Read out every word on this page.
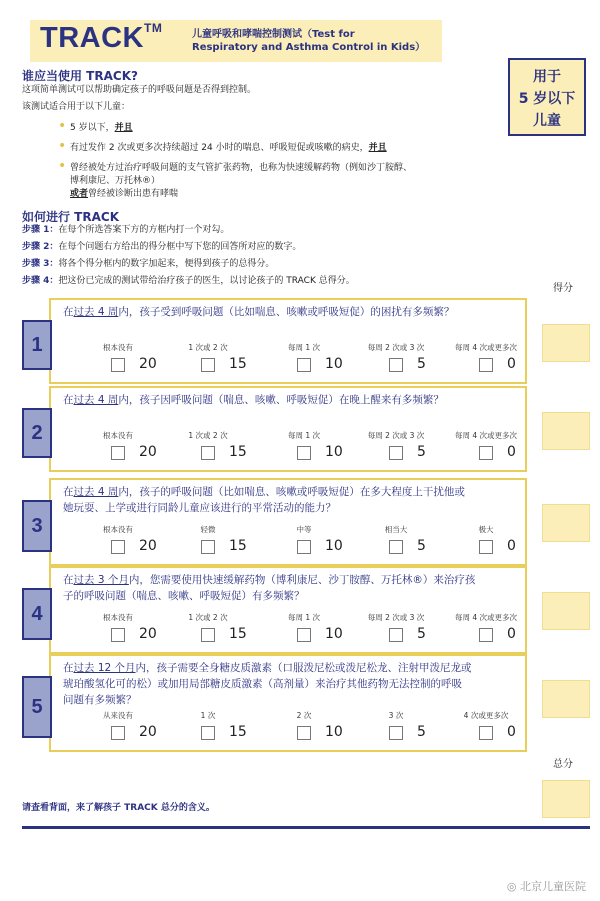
TRACK™	儿童呼吸和哮喘控制测试（Test for
Respiratory and Asthma Control in Kids）
用于
5 岁以下
儿童
谁应当使用 TRACK?
这项简单测试可以帮助确定孩子的呼吸问题是否得到控制。
该测试适合用于以下儿童：
• 5 岁以下，并且
• 有过发作 2 次或更多次持续超过 24 小时的喘息、呼吸短促或咳嗽的病史，并且
• 曾经被处方过治疗呼吸问题的支气管扩张药物，也称为快速缓解药物（例如沙丁胺醇、
博利康尼、万托林®）
或者曾经被诊断出患有哮喘
如何进行 TRACK
步骤 1：在每个所选答案下方的方框内打一个对勾。
步骤 2：在每个问题右方给出的得分框中写下您的回答所对应的数字。
步骤 3：将各个得分框内的数字加起来，便得到孩子的总得分。
步骤 4：把这份已完成的测试带给治疗孩子的医生，以讨论孩子的 TRACK 总得分。
得分
在过去 4 周内，孩子受到呼吸问题（比如喘息、咳嗽或呼吸短促）的困扰有多频繁？
根本没有
20
1 次或 2 次
15
每周 1 次
10
每周 2 次或 3 次
5
每周 4 次或更多次
0
1
在过去 4 周内，孩子因呼吸问题（喘息、咳嗽、呼吸短促）在晚上醒来有多频繁？
根本没有
20
1 次或 2 次
15
每周 1 次
10
每周 2 次或 3 次
5
每周 4 次或更多次
0
2
在过去 4 周内，孩子的呼吸问题（比如喘息、咳嗽或呼吸短促）在多大程度上干扰他或
她玩耍、上学或进行同龄儿童应该进行的平常活动的能力？
根本没有
20
轻微
15
中等
10
相当大
5
极大
0
3
在过去 3 个月内，您需要使用快速缓解药物（博利康尼、沙丁胺醇、万托林®）来治疗孩
子的呼吸问题（喘息、咳嗽、呼吸短促）有多频繁？
根本没有
20
1 次或 2 次
15
每周 1 次
10
每周 2 次或 3 次
5
每周 4 次或更多次
0
4
在过去 12 个月内，孩子需要全身糖皮质激素（口服泼尼松或泼尼松龙、注射甲泼尼龙或
琥珀酸氢化可的松）或加用局部糖皮质激素（高剂量）来治疗其他药物无法控制的呼吸
问题有多频繁？
从来没有
20
1 次
15
2 次
10
3 次
5
4 次或更多次
0
5
总分
请查看背面，来了解孩子 TRACK 总分的含义。
◎ 北京儿童医院
